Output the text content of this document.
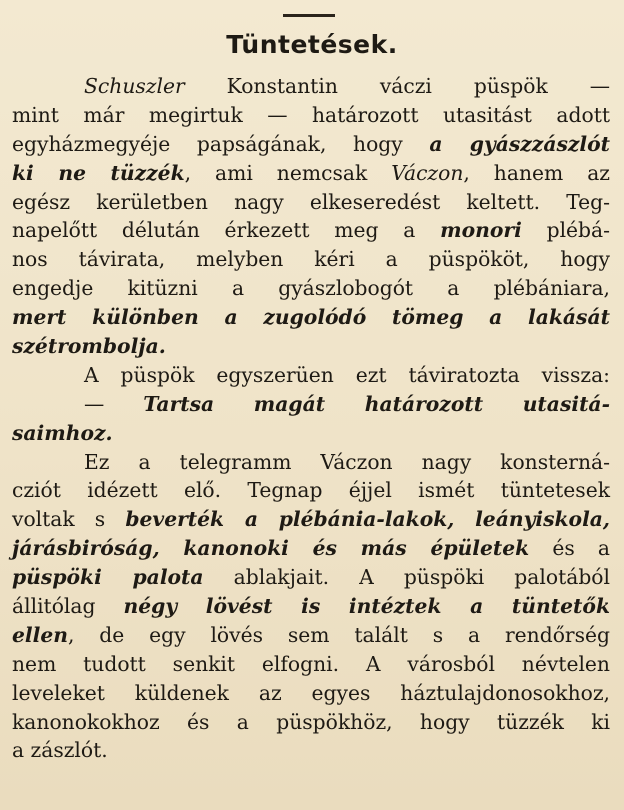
Tüntetések.
Schuszler Konstantin váczi püspök —
mint már megirtuk — határozott utasitást adott
egyházmegyéje papságának, hogy a gyászzászlót
ki ne tüzzék, ami nemcsak Váczon, hanem az
egész kerületben nagy elkeseredést keltett. Teg-
napelőtt délután érkezett meg a monori plébá-
nos távirata, melyben kéri a püspököt, hogy
engedje kitüzni a gyászlobogót a plébániara,
mert különben a zugolódó tömeg a lakását
szétrombolja.
A püspök egyszerüen ezt táviratozta vissza:
— Tartsa magát határozott utasitá-
saimhoz.
Ez a telegramm Váczon nagy konsterná-
cziót idézett elő. Tegnap éjjel ismét tüntetesek
voltak s beverték a plébánia-lakok, leányiskola,
járásbiróság, kanonoki és más épületek és a
püspöki palota ablakjait. A püspöki palotából
állitólag négy lövést is intéztek a tüntetők
ellen, de egy lövés sem talált s a rendőrség
nem tudott senkit elfogni. A városból névtelen
leveleket küldenek az egyes háztulajdonosokhoz,
kanonokokhoz és a püspökhöz, hogy tüzzék ki
a zászlót.
